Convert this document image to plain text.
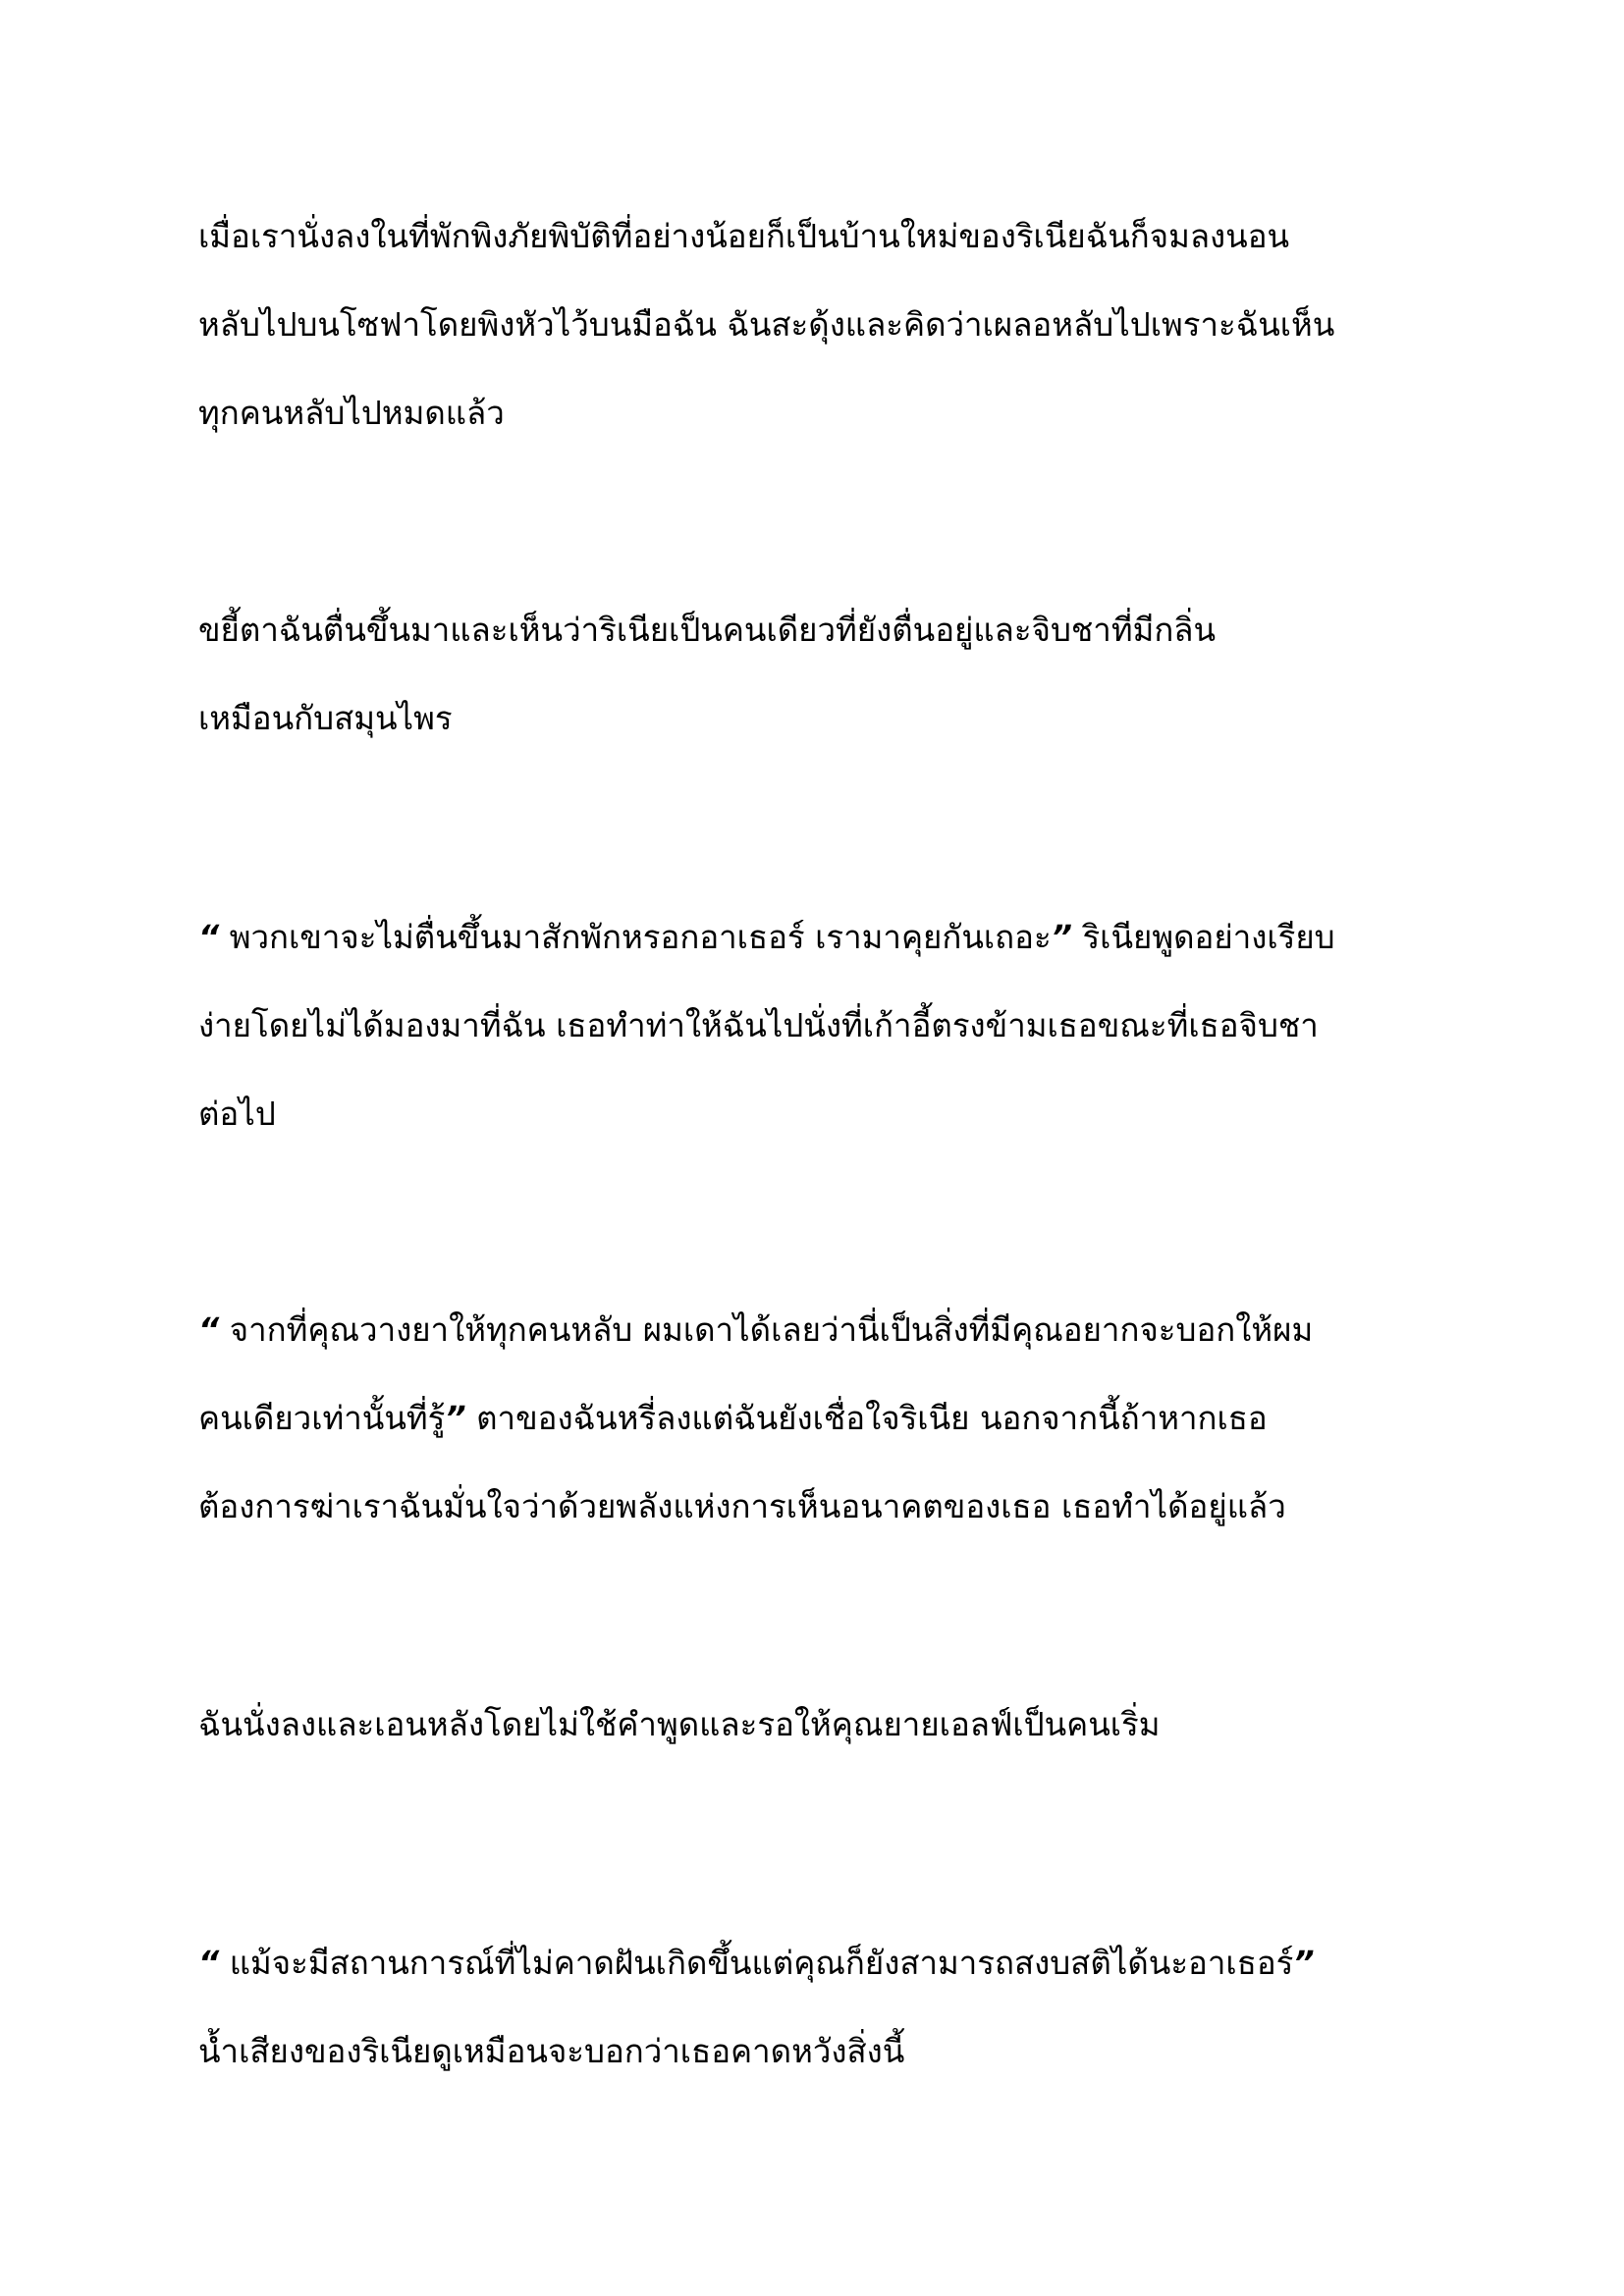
เมื่อเรานั่งลงในที่พักพิงภัยพิบัติที่อย่างน้อยก็เป็นบ้านใหม่ของริเนียฉันก็จมลงนอน
หลับไปบนโซฟาโดยพิงหัวไว้บนมือฉัน ฉันสะดุ้งและคิดว่าเผลอหลับไปเพราะฉันเห็น
ทุกคนหลับไปหมดแล้ว
ขยี้ตาฉันตื่นขึ้นมาและเห็นว่าริเนียเป็นคนเดียวที่ยังตื่นอยู่และจิบชาที่มีกลิ่น
เหมือนกับสมุนไพร
“ พวกเขาจะไม่ตื่นขึ้นมาสักพักหรอกอาเธอร์ เรามาคุยกันเถอะ” ริเนียพูดอย่างเรียบ
ง่ายโดยไม่ได้มองมาที่ฉัน เธอทำท่าให้ฉันไปนั่งที่เก้าอี้ตรงข้ามเธอขณะที่เธอจิบชา
ต่อไป
“ จากที่คุณวางยาให้ทุกคนหลับ ผมเดาได้เลยว่านี่เป็นสิ่งที่มีคุณอยากจะบอกให้ผม
คนเดียวเท่านั้นที่รู้” ตาของฉันหรี่ลงแต่ฉันยังเชื่อใจริเนีย นอกจากนี้ถ้าหากเธอ
ต้องการฆ่าเราฉันมั่นใจว่าด้วยพลังแห่งการเห็นอนาคตของเธอ เธอทำได้อยู่แล้ว
ฉันนั่งลงและเอนหลังโดยไม่ใช้คำพูดและรอให้คุณยายเอลฟ์เป็นคนเริ่ม
“ แม้จะมีสถานการณ์ที่ไม่คาดฝันเกิดขึ้นแต่คุณก็ยังสามารถสงบสติได้นะอาเธอร์”
น้ำเสียงของริเนียดูเหมือนจะบอกว่าเธอคาดหวังสิ่งนี้
